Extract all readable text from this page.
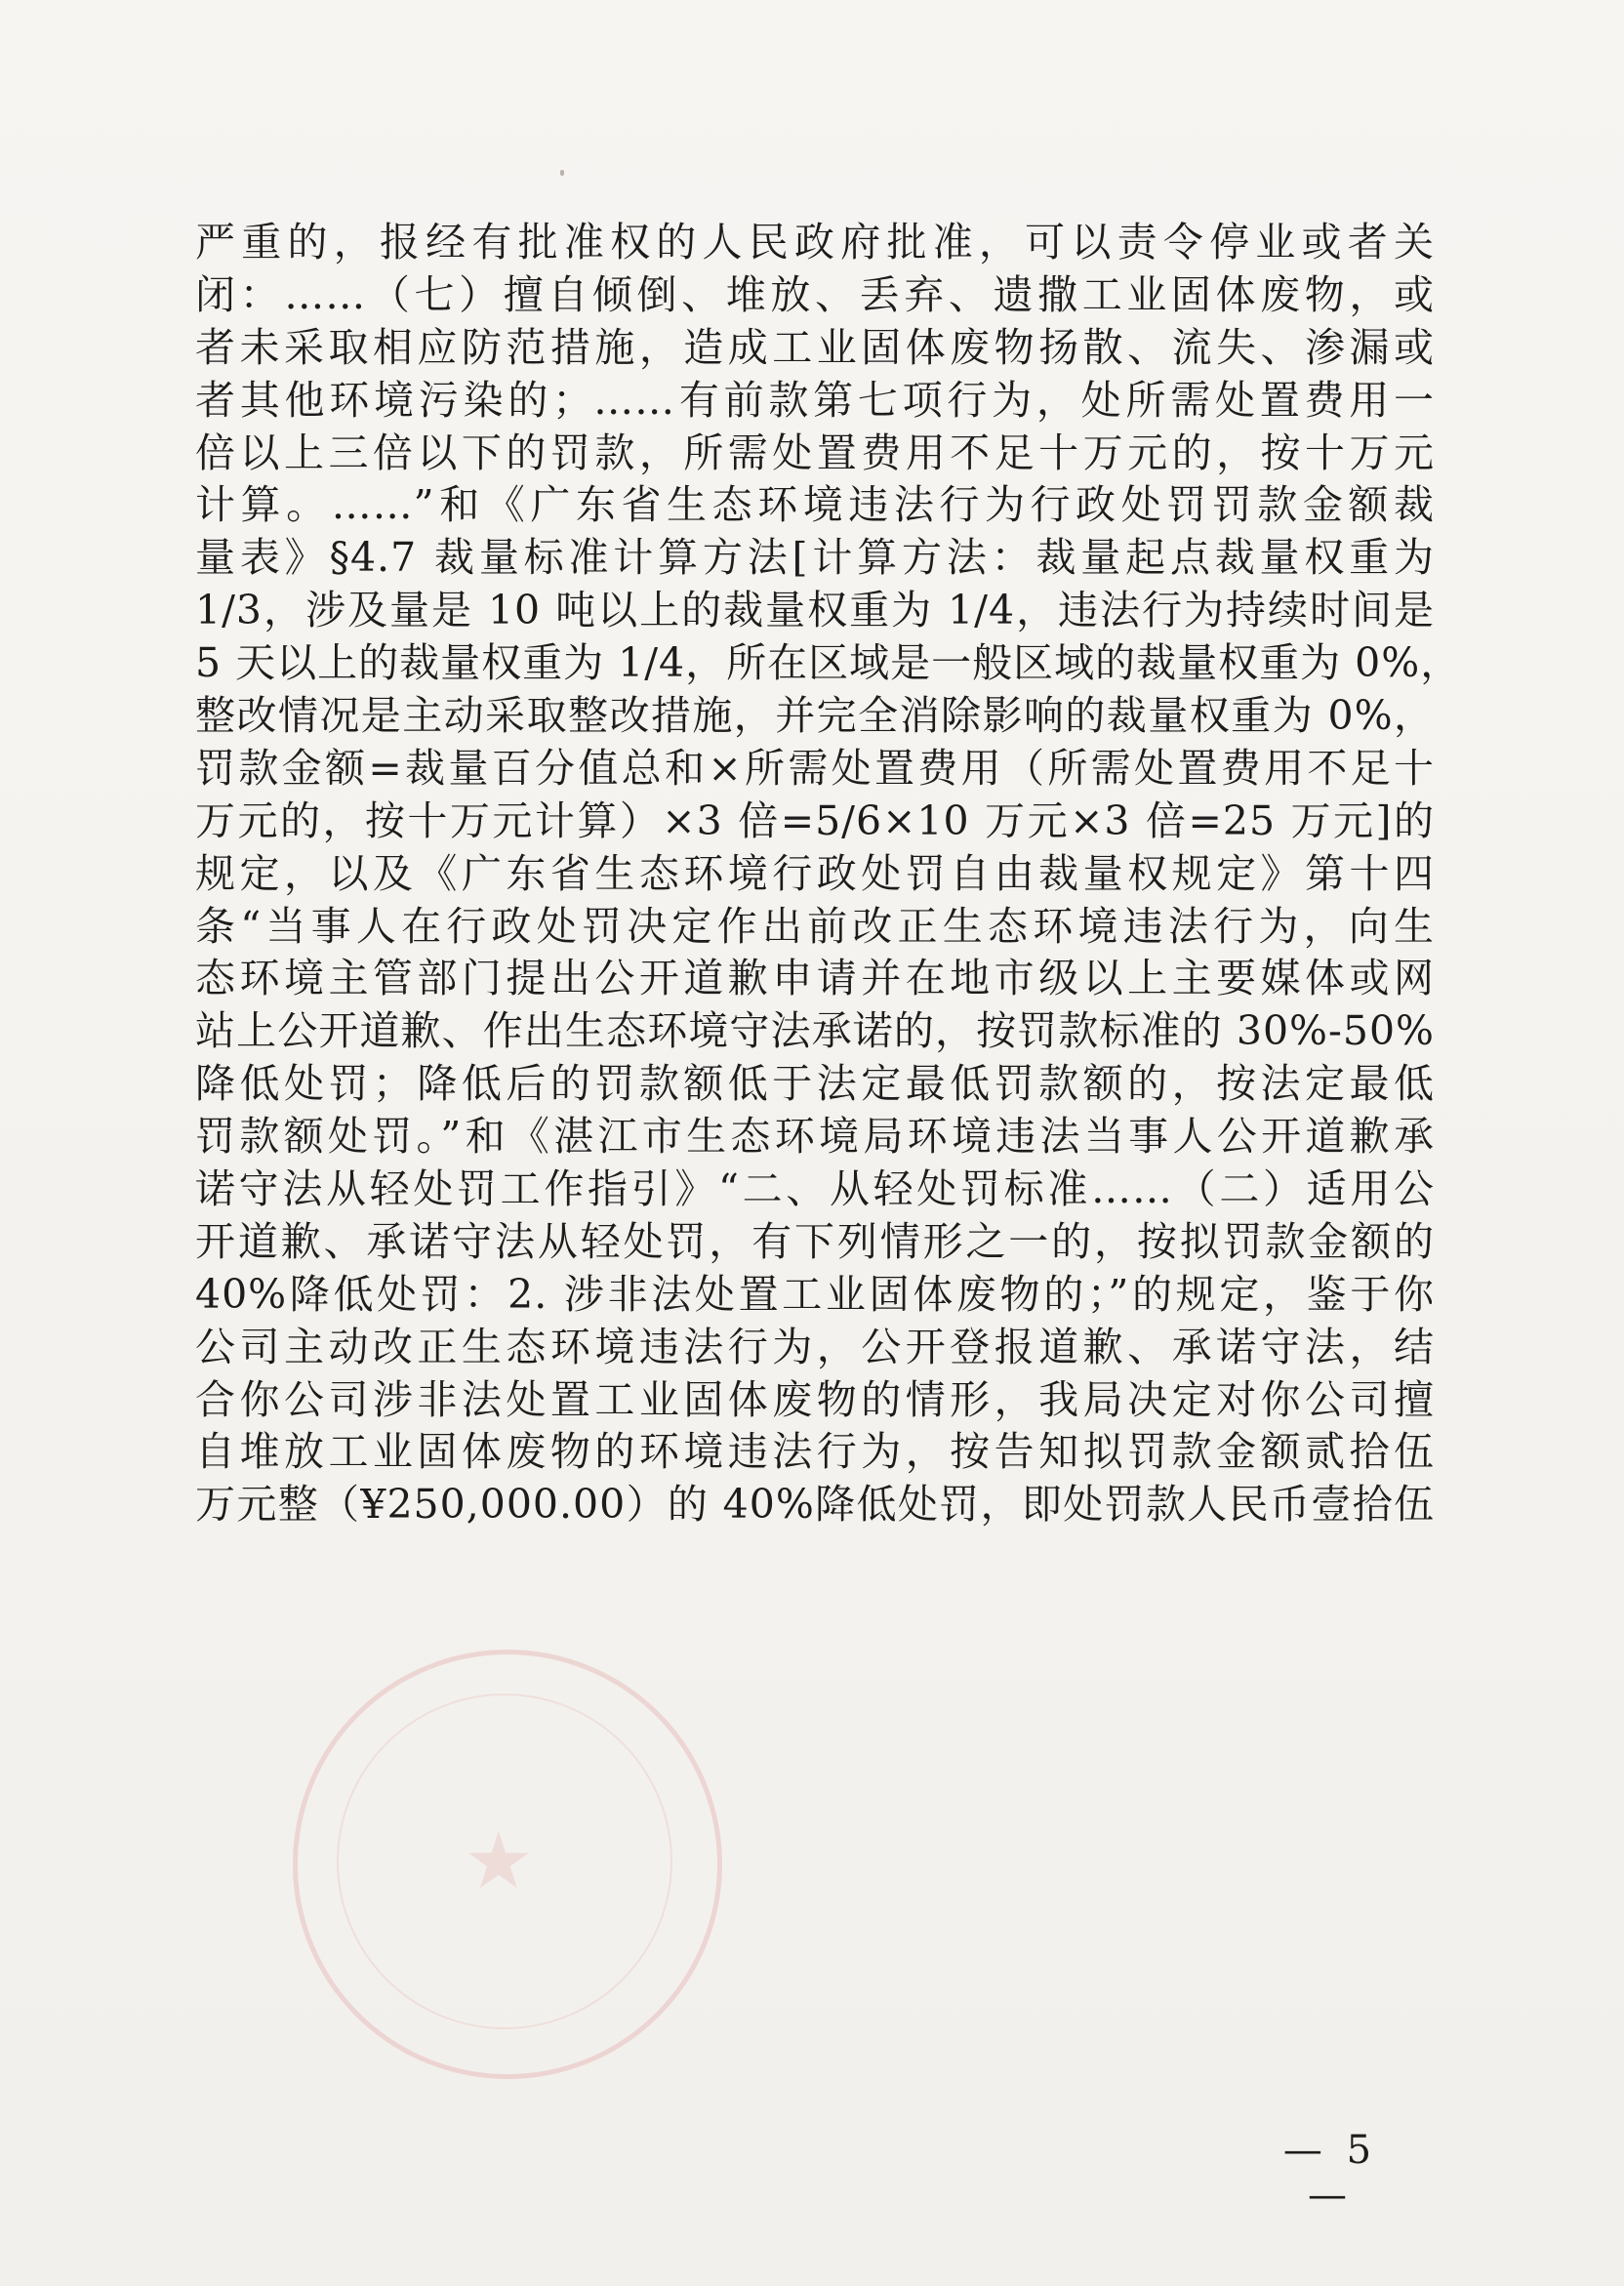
★
严重的，报经有批准权的人民政府批准，可以责令停业或者关
闭：……（七）擅自倾倒、堆放、丢弃、遗撒工业固体废物，或
者未采取相应防范措施，造成工业固体废物扬散、流失、渗漏或
者其他环境污染的；……有前款第七项行为，处所需处置费用一
倍以上三倍以下的罚款，所需处置费用不足十万元的，按十万元
计算。……”和《广东省生态环境违法行为行政处罚罚款金额裁
量表》§4.7 裁量标准计算方法[计算方法：裁量起点裁量权重为
1/3，涉及量是 10 吨以上的裁量权重为 1/4，违法行为持续时间是
5 天以上的裁量权重为 1/4，所在区域是一般区域的裁量权重为 0%，
整改情况是主动采取整改措施，并完全消除影响的裁量权重为 0%，
罚款金额=裁量百分值总和×所需处置费用（所需处置费用不足十
万元的，按十万元计算）×3 倍=5/6×10 万元×3 倍=25 万元]的
规定，以及《广东省生态环境行政处罚自由裁量权规定》第十四
条“当事人在行政处罚决定作出前改正生态环境违法行为，向生
态环境主管部门提出公开道歉申请并在地市级以上主要媒体或网
站上公开道歉、作出生态环境守法承诺的，按罚款标准的 30%-50%
降低处罚；降低后的罚款额低于法定最低罚款额的，按法定最低
罚款额处罚。”和《湛江市生态环境局环境违法当事人公开道歉承
诺守法从轻处罚工作指引》“二、从轻处罚标准……（二）适用公
开道歉、承诺守法从轻处罚，有下列情形之一的，按拟罚款金额的
40%降低处罚：2. 涉非法处置工业固体废物的；”的规定，鉴于你
公司主动改正生态环境违法行为，公开登报道歉、承诺守法，结
合你公司涉非法处置工业固体废物的情形，我局决定对你公司擅
自堆放工业固体废物的环境违法行为，按告知拟罚款金额贰拾伍
万元整（¥250,000.00）的 40%降低处罚，即处罚款人民币壹拾伍
— 5 —
